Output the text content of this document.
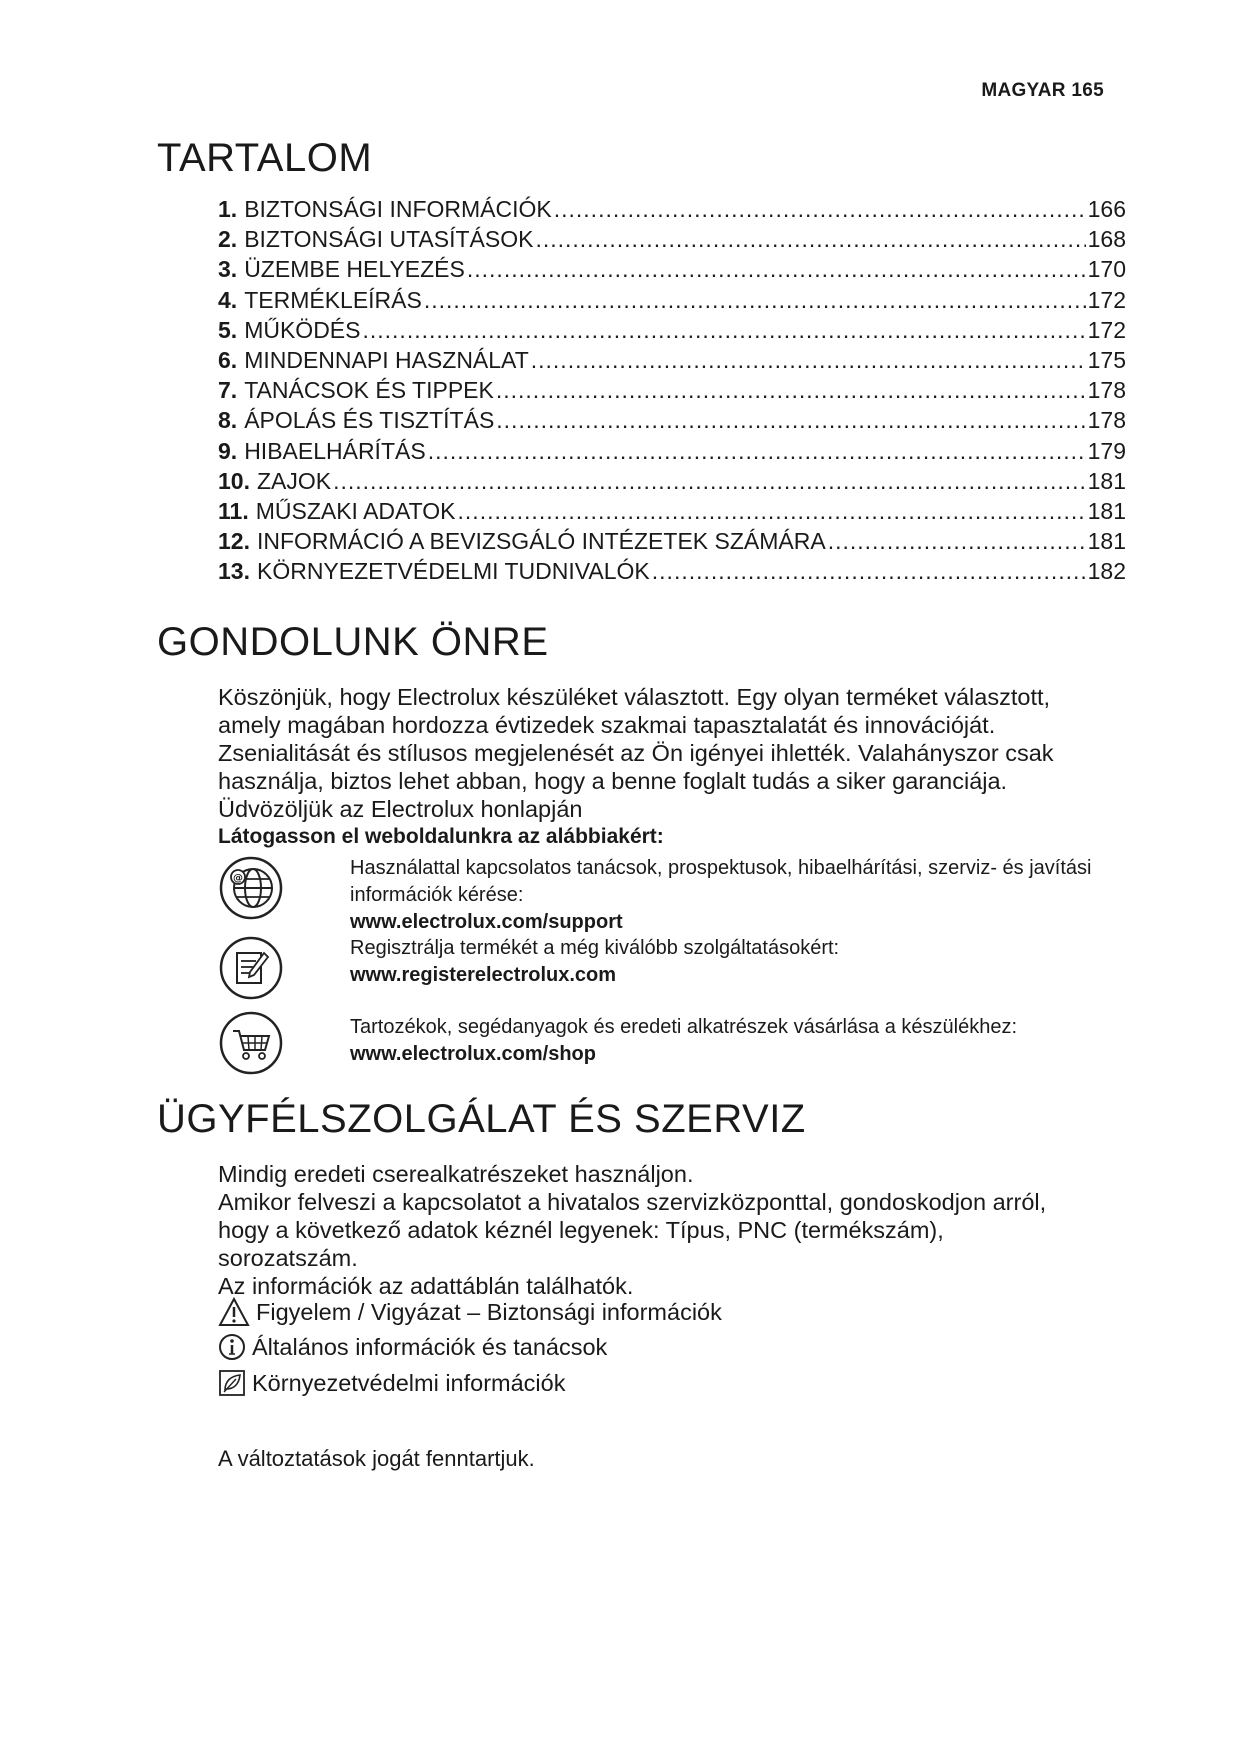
MAGYAR 165
TARTALOM
1. BIZTONSÁGI INFORMÁCIÓK .....	166
2. BIZTONSÁGI UTASÍTÁSOK .....	168
3. ÜZEMBE HELYEZÉS .....	170
4. TERMÉKLEÍRÁS .....	172
5. MŰKÖDÉS .....	172
6. MINDENNAPI HASZNÁLAT .....	175
7. TANÁCSOK ÉS TIPPEK .....	178
8. ÁPOLÁS ÉS TISZTÍTÁS .....	178
9. HIBAELHÁRÍTÁS .....	179
10. ZAJOK .....	181
11. MŰSZAKI ADATOK .....	181
12. INFORMÁCIÓ A BEVIZSGÁLÓ INTÉZETEK SZÁMÁRA .....	181
13. KÖRNYEZETVÉDELMI TUDNIVALÓK .....	182
GONDOLUNK ÖNRE

Köszönjük, hogy Electrolux készüléket választott. Egy olyan terméket választott,

amely magában hordozza évtizedek szakmai tapasztalatát és innovációját.

Zsenialitását és stílusos megjelenését az Ön igényei ihlették. Valahányszor csak

használja, biztos lehet abban, hogy a benne foglalt tudás a siker garanciája.

Üdvözöljük az Electrolux honlapján

Látogasson el weboldalunkra az alábbiakért:

@	Használattal kapcsolatos tanácsok, prospektusok, hibaelhárítási, szerviz- és javítási információk kérése:

www.electrolux.com/support

Regisztrálja termékét a még kiválóbb szolgáltatásokért:

www.registerelectrolux.com

Tartozékok, segédanyagok és eredeti alkatrészek vásárlása a készülékhez:

www.electrolux.com/shop

ÜGYFÉLSZOLGÁLAT ÉS SZERVIZ

Mindig eredeti cserealkatrészeket használjon.

Amikor felveszi a kapcsolatot a hivatalos szervizközponttal, gondoskodjon arról,

hogy a következő adatok kéznél legyenek: Típus, PNC (termékszám),

sorozatszám.

Az információk az adattáblán találhatók.

Figyelem / Vigyázat – Biztonsági információk
Általános információk és tanácsok
Környezetvédelmi információk
A változtatások jogát fenntartjuk.
